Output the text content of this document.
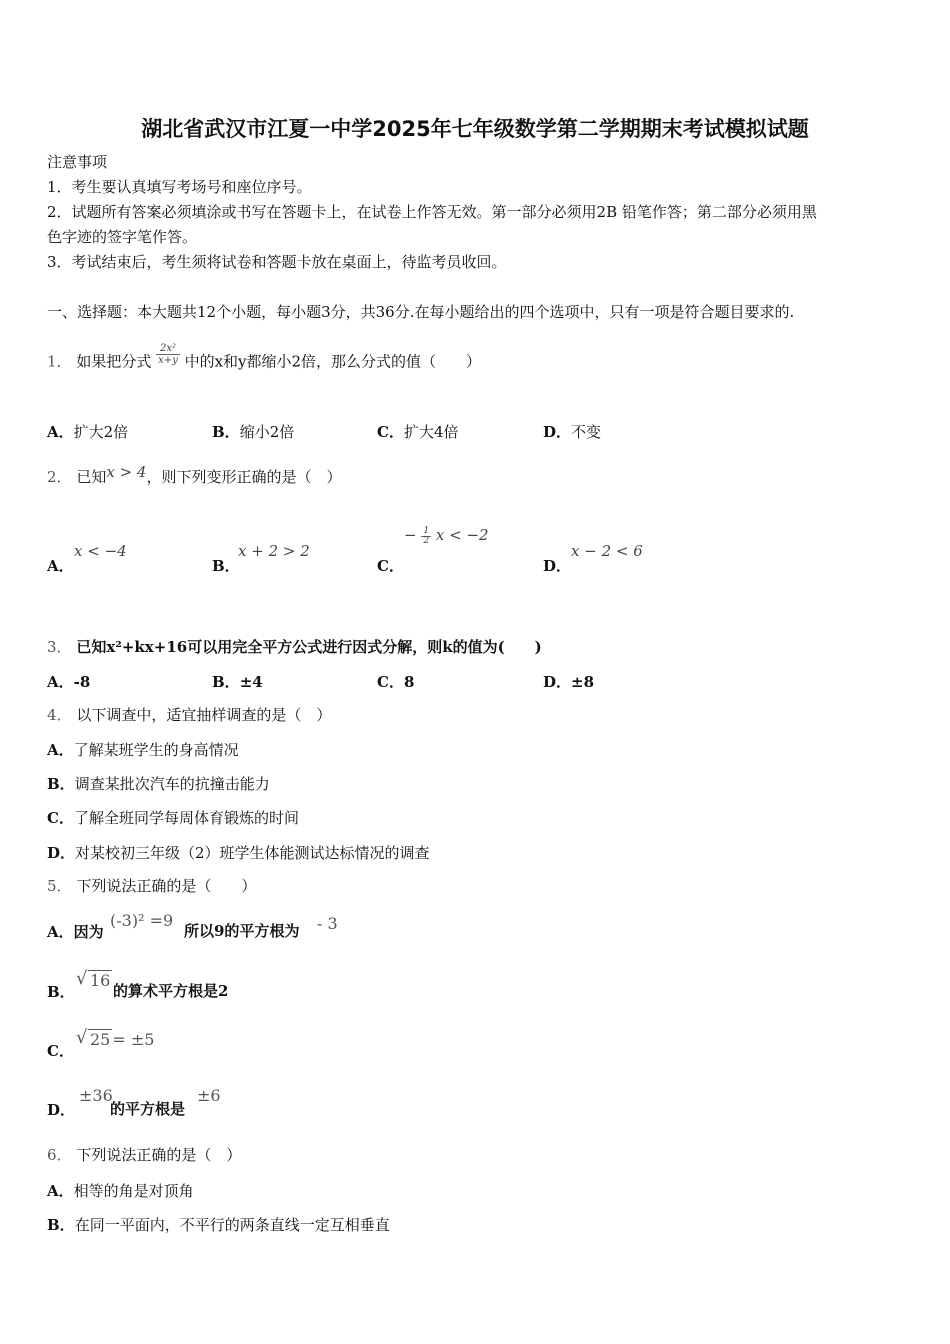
湖北省武汉市江夏一中学2025年七年级数学第二学期期末考试模拟试题
注意事项
1．考生要认真填写考场号和座位序号。
2．试题所有答案必须填涂或书写在答题卡上，在试卷上作答无效。第一部分必须用2B 铅笔作答；第二部分必须用黑
色字迹的签字笔作答。
3．考试结束后，考生须将试卷和答题卡放在桌面上，待监考员收回。
一、选择题：本大题共12个小题，每小题3分，共36分.在每小题给出的四个选项中，只有一项是符合题目要求的.
1． 如果把分式 $\frac{\text{2x²}}{x+y}$ 中的x和y都缩小2倍，那么分式的值（　　）
A．扩大2倍	B．缩小2倍	C．扩大4倍	D．不变
2． 已知x > 4，则下列变形正确的是（　）
A．
x < −4
B．
x + 2 > 2
C．
− $\frac{1}{2}$ x < −2
D．
x − 2 < 6
3． 已知x²+kx+16可以用完全平方公式进行因式分解，则k的值为(　　)
A．-8	B．±4	C．8	D．±8
4． 以下调查中，适宜抽样调查的是（　）
A．了解某班学生的身高情况
B．调查某批次汽车的抗撞击能力
C．了解全班同学每周体育锻炼的时间
D．对某校初三年级（2）班学生体能测试达标情况的调查
5． 下列说法正确的是（　　）
A．因为
(-3)² =9
所以9的平方根为 - 3
B．
√ 16
的算术平方根是2
C．
√ 25 = ±5
D．
±36
的平方根是
±6
6． 下列说法正确的是（　）
A．相等的角是对顶角
B．在同一平面内，不平行的两条直线一定互相垂直
